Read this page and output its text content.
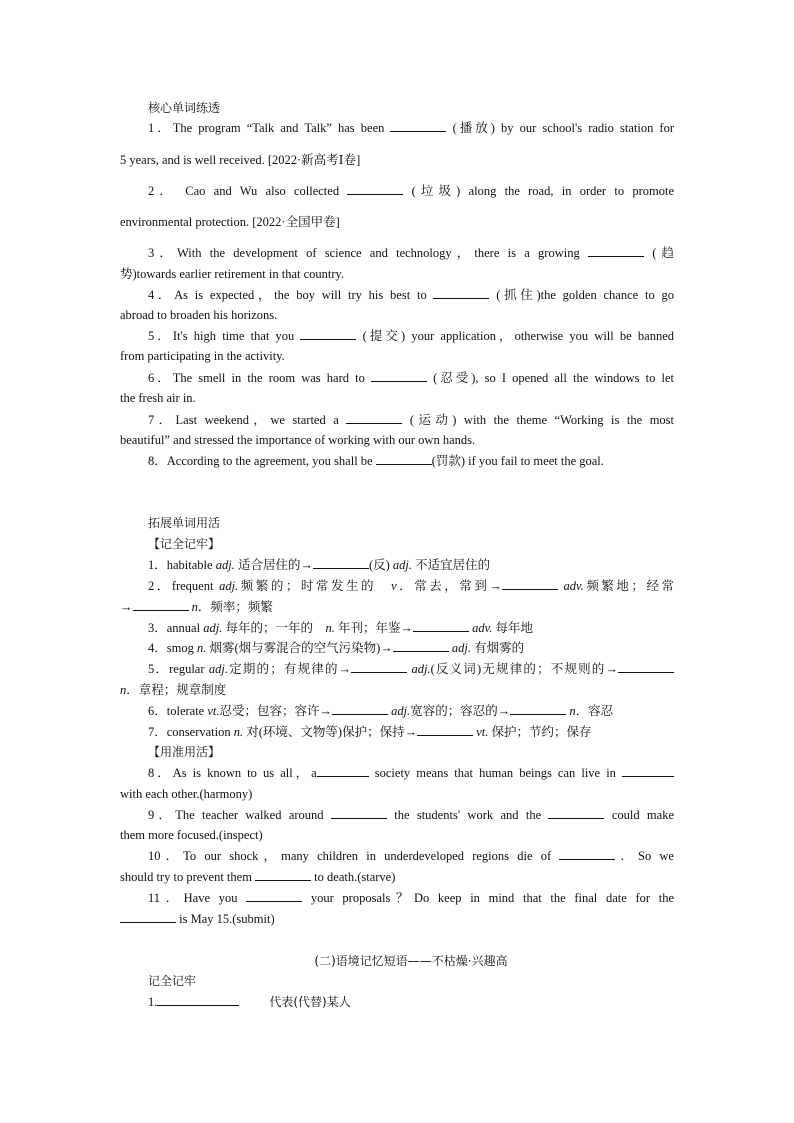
核心单词练透
1．The program “Talk and Talk” has been	(播放) by our school's radio station for
5 years, and is well received. [2022·新高考Ⅰ卷]
2． Cao and Wu also collected	(垃圾) along the road, in order to promote
environmental protection. [2022·全国甲卷]
3．With the development of science and technology，there is a growing	(趋
势)towards earlier retirement in that country.
4．As is expected，the boy will try his best to	(抓住)the golden chance to go
abroad to broaden his horizons.
5．It's high time that you	(提交) your application，otherwise you will be banned
from participating in the activity.
6．The smell in the room was hard to	(忍受), so I opened all the windows to let
the fresh air in.
7．Last weekend，we started a	(运动) with the theme “Working is the most
beautiful” and stressed the importance of working with our own hands.
8．According to the agreement, you shall be	(罚款) if you fail to meet the goal.
拓展单词用活
【记全记牢】
1．habitable adj. 适合居住的→	(反) adj. 不适宜居住的
2．frequent adj.频繁的；时常发生的　v．常去，常到→	adv.频繁地；经常
→	n．频率；频繁
3．annual adj. 每年的；一年的　n. 年刊；年鉴→	adv. 每年地
4．smog n. 烟雾(烟与雾混合的空气污染物)→	adj. 有烟雾的
5．regular adj.定期的；有规律的→	adj.(反义词)无规律的；不规则的→
n．章程；规章制度
6．tolerate vt.忍受；包容；容许→	adj.宽容的；容忍的→	n．容忍
7．conservation n. 对(环境、文物等)保护；保持→	vt. 保护；节约；保存
【用准用活】
8．As is known to us all，a	society means that human beings can live in
with each other.(harmony)
9．The teacher walked around	the students' work and the	could make
them more focused.(inspect)
10．To our shock，many children in underdeveloped regions die of	．So we
should try to prevent them	to death.(starve)
11．Have you	your proposals？Do keep in mind that the final date for the
is May 15.(submit)
(二)语境记忆短语——不枯燥·兴趣高
记全记牢
1.	代表(代替)某人
